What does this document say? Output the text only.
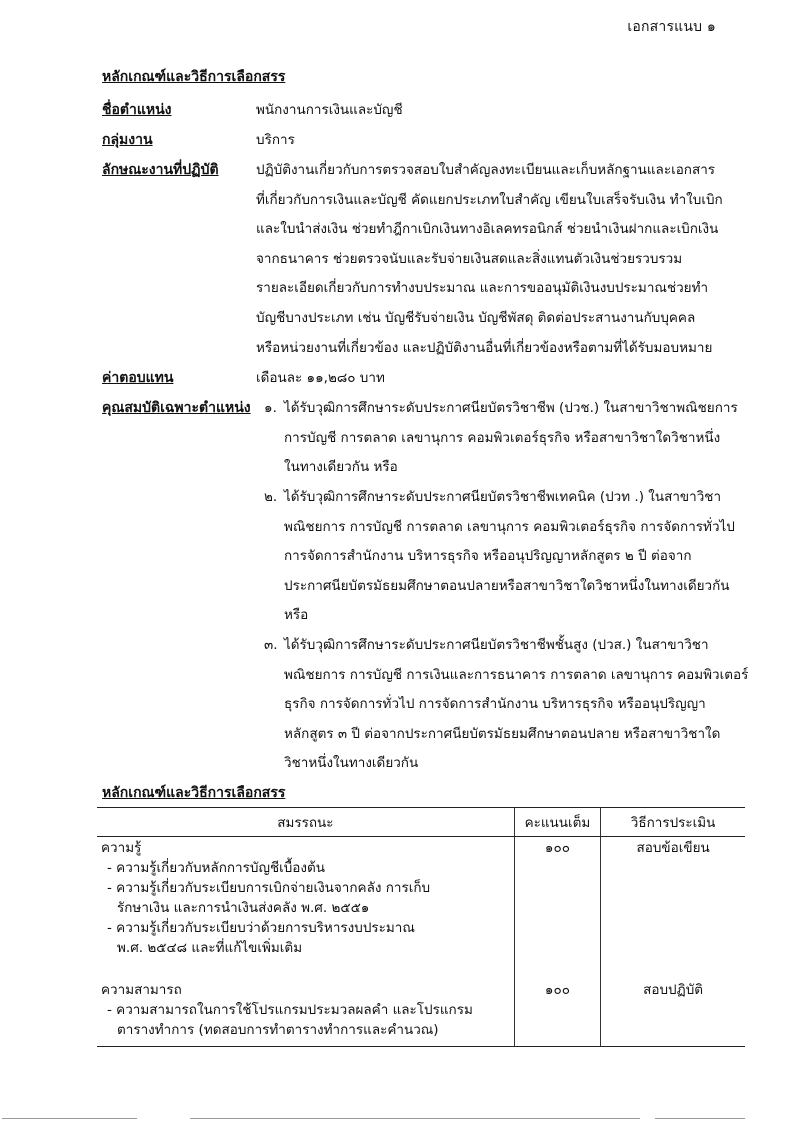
เอกสารแนบ ๑
หลักเกณฑ์และวิธีการเลือกสรร
ชื่อตำแหน่ง	พนักงานการเงินและบัญชี
กลุ่มงาน	บริการ
ลักษณะงานที่ปฏิบัติ	ปฏิบัติงานเกี่ยวกับการตรวจสอบใบสำคัญลงทะเบียนและเก็บหลักฐานและเอกสาร
ที่เกี่ยวกับการเงินและบัญชี คัดแยกประเภทใบสำคัญ เขียนใบเสร็จรับเงิน ทำใบเบิก
และใบนำส่งเงิน ช่วยทำฎีกาเบิกเงินทางอิเลคทรอนิกส์ ช่วยนำเงินฝากและเบิกเงิน
จากธนาคาร ช่วยตรวจนับและรับจ่ายเงินสดและสิ่งแทนตัวเงินช่วยรวบรวม
รายละเอียดเกี่ยวกับการทำงบประมาณ และการขออนุมัติเงินงบประมาณช่วยทำ
บัญชีบางประเภท เช่น บัญชีรับจ่ายเงิน บัญชีพัสดุ ติดต่อประสานงานกับบุคคล
หรือหน่วยงานที่เกี่ยวข้อง และปฏิบัติงานอื่นที่เกี่ยวข้องหรือตามที่ได้รับมอบหมาย
ค่าตอบแทน	เดือนละ ๑๑,๒๘๐ บาท
คุณสมบัติเฉพาะตำแหน่ง ๑. ได้รับวุฒิการศึกษาระดับประกาศนียบัตรวิชาชีพ (ปวช.) ในสาขาวิชาพณิชยการ
การบัญชี การตลาด เลขานุการ คอมพิวเตอร์ธุรกิจ หรือสาขาวิชาใดวิชาหนึ่ง
ในทางเดียวกัน หรือ
๒. ได้รับวุฒิการศึกษาระดับประกาศนียบัตรวิชาชีพเทคนิค (ปวท .) ในสาขาวิชา
พณิชยการ การบัญชี การตลาด เลขานุการ คอมพิวเตอร์ธุรกิจ การจัดการทั่วไป
การจัดการสำนักงาน บริหารธุรกิจ หรืออนุปริญญาหลักสูตร ๒ ปี ต่อจาก
ประกาศนียบัตรมัธยมศึกษาตอนปลายหรือสาขาวิชาใดวิชาหนึ่งในทางเดียวกัน
หรือ
๓. ได้รับวุฒิการศึกษาระดับประกาศนียบัตรวิชาชีพชั้นสูง (ปวส.) ในสาขาวิชา
พณิชยการ การบัญชี การเงินและการธนาคาร การตลาด เลขานุการ คอมพิวเตอร์
ธุรกิจ การจัดการทั่วไป การจัดการสำนักงาน บริหารธุรกิจ หรืออนุปริญญา
หลักสูตร ๓ ปี ต่อจากประกาศนียบัตรมัธยมศึกษาตอนปลาย หรือสาขาวิชาใด
วิชาหนึ่งในทางเดียวกัน
หลักเกณฑ์และวิธีการเลือกสรร
สมรรถนะ	คะแนนเต็ม	วิธีการประเมิน

ความรู้
- ความรู้เกี่ยวกับหลักการบัญชีเบื้องต้น
- ความรู้เกี่ยวกับระเบียบการเบิกจ่ายเงินจากคลัง การเก็บ
รักษาเงิน และการนำเงินส่งคลัง พ.ศ. ๒๕๕๑
- ความรู้เกี่ยวกับระเบียบว่าด้วยการบริหารงบประมาณ
พ.ศ. ๒๕๔๘ และที่แก้ไขเพิ่มเติม
	๑๐๐	สอบข้อเขียน

ความสามารถ
- ความสามารถในการใช้โปรแกรมประมวลผลคำ และโปรแกรม
ตารางทำการ (ทดสอบการทำตารางทำการและคำนวณ)	๑๐๐	สอบปฏิบัติ
